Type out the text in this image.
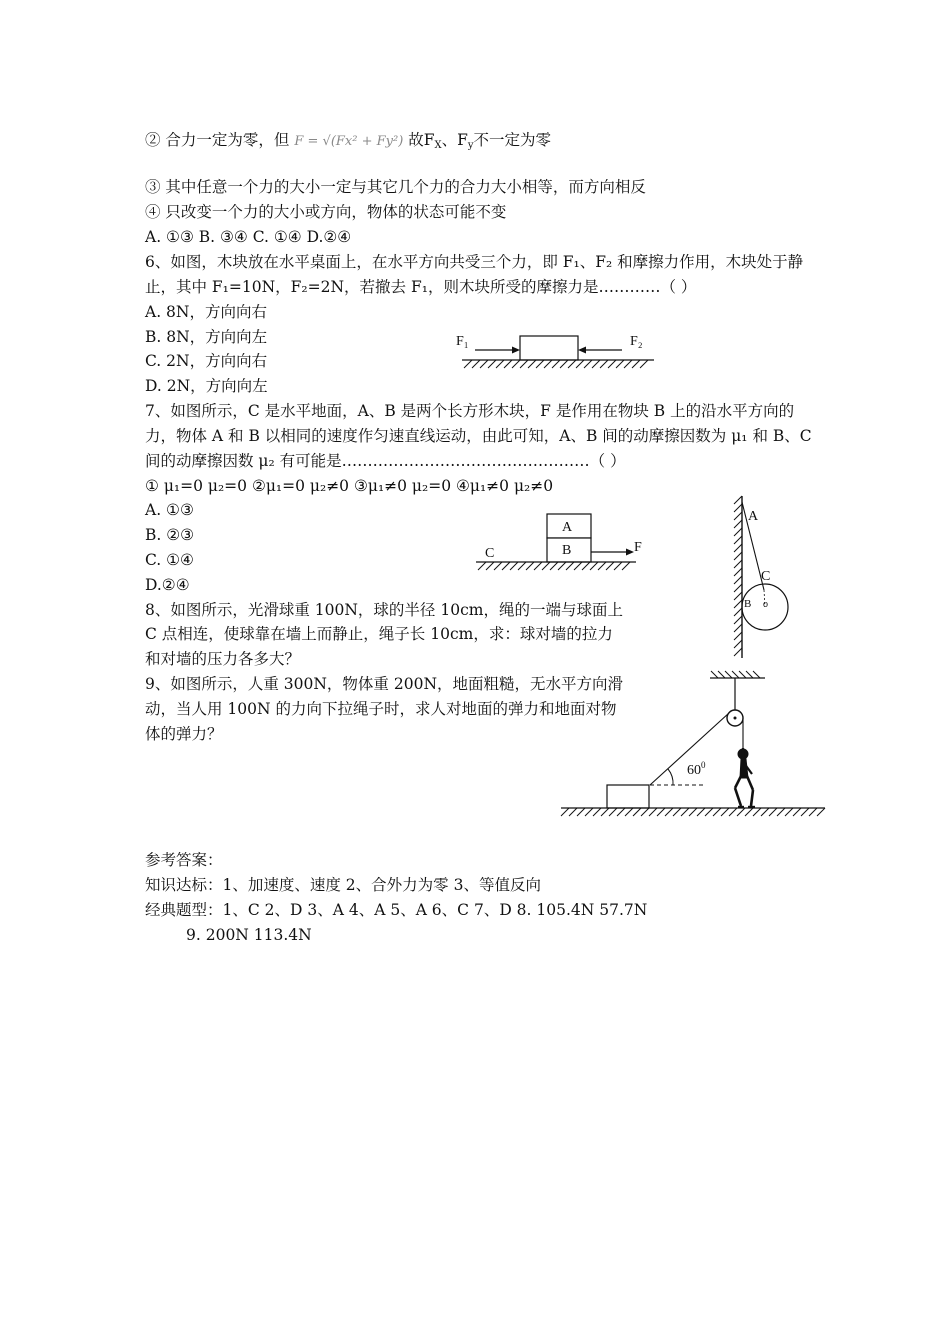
② 合力一定为零，但 F = √(Fx² + Fy²) 故$F_X$、$F_y$不一定为零
③ 其中任意一个力的大小一定与其它几个力的合力大小相等，而方向相反
④ 只改变一个力的大小或方向，物体的状态可能不变
A. ①③ B. ③④ C. ①④ D.②④
6、如图，木块放在水平桌面上，在水平方向共受三个力，即 F₁、F₂ 和摩擦力作用，木块处于静
止，其中 F₁=10N，F₂=2N，若撤去 F₁，则木块所受的摩擦力是…………（ ）
A. 8N，方向向右
B. 8N，方向向左
C. 2N，方向向右
D. 2N，方向向左
F₁	F₂
7、如图所示，C 是水平地面，A、B 是两个长方形木块，F 是作用在物块 B 上的沿水平方向的
力，物体 A 和 B 以相同的速度作匀速直线运动，由此可知，A、B 间的动摩擦因数为 μ₁ 和 B、C
间的动摩擦因数 μ₂ 有可能是…………………………………………（ ）
① μ₁=0 μ₂=0 ②μ₁=0 μ₂≠0 ③μ₁≠0 μ₂=0 ④μ₁≠0 μ₂≠0
A. ①③
B. ②③
C. ①④
D.②④
A
B
C	F
A
C
B o
8、如图所示，光滑球重 100N，球的半径 10cm，绳的一端与球面上
C 点相连，使球靠在墙上而静止，绳子长 10cm，求：球对墙的拉力
和对墙的压力各多大？
9、如图所示，人重 300N，物体重 200N，地面粗糙，无水平方向滑
动，当人用 100N 的力向下拉绳子时，求人对地面的弹力和地面对物
体的弹力？
$60^0$
参考答案：
知识达标：1、加速度、速度 2、合外力为零 3、等值反向
经典题型：1、C 2、D 3、A 4、A 5、A 6、C 7、D 8. 105.4N 57.7N
9. 200N 113.4N
